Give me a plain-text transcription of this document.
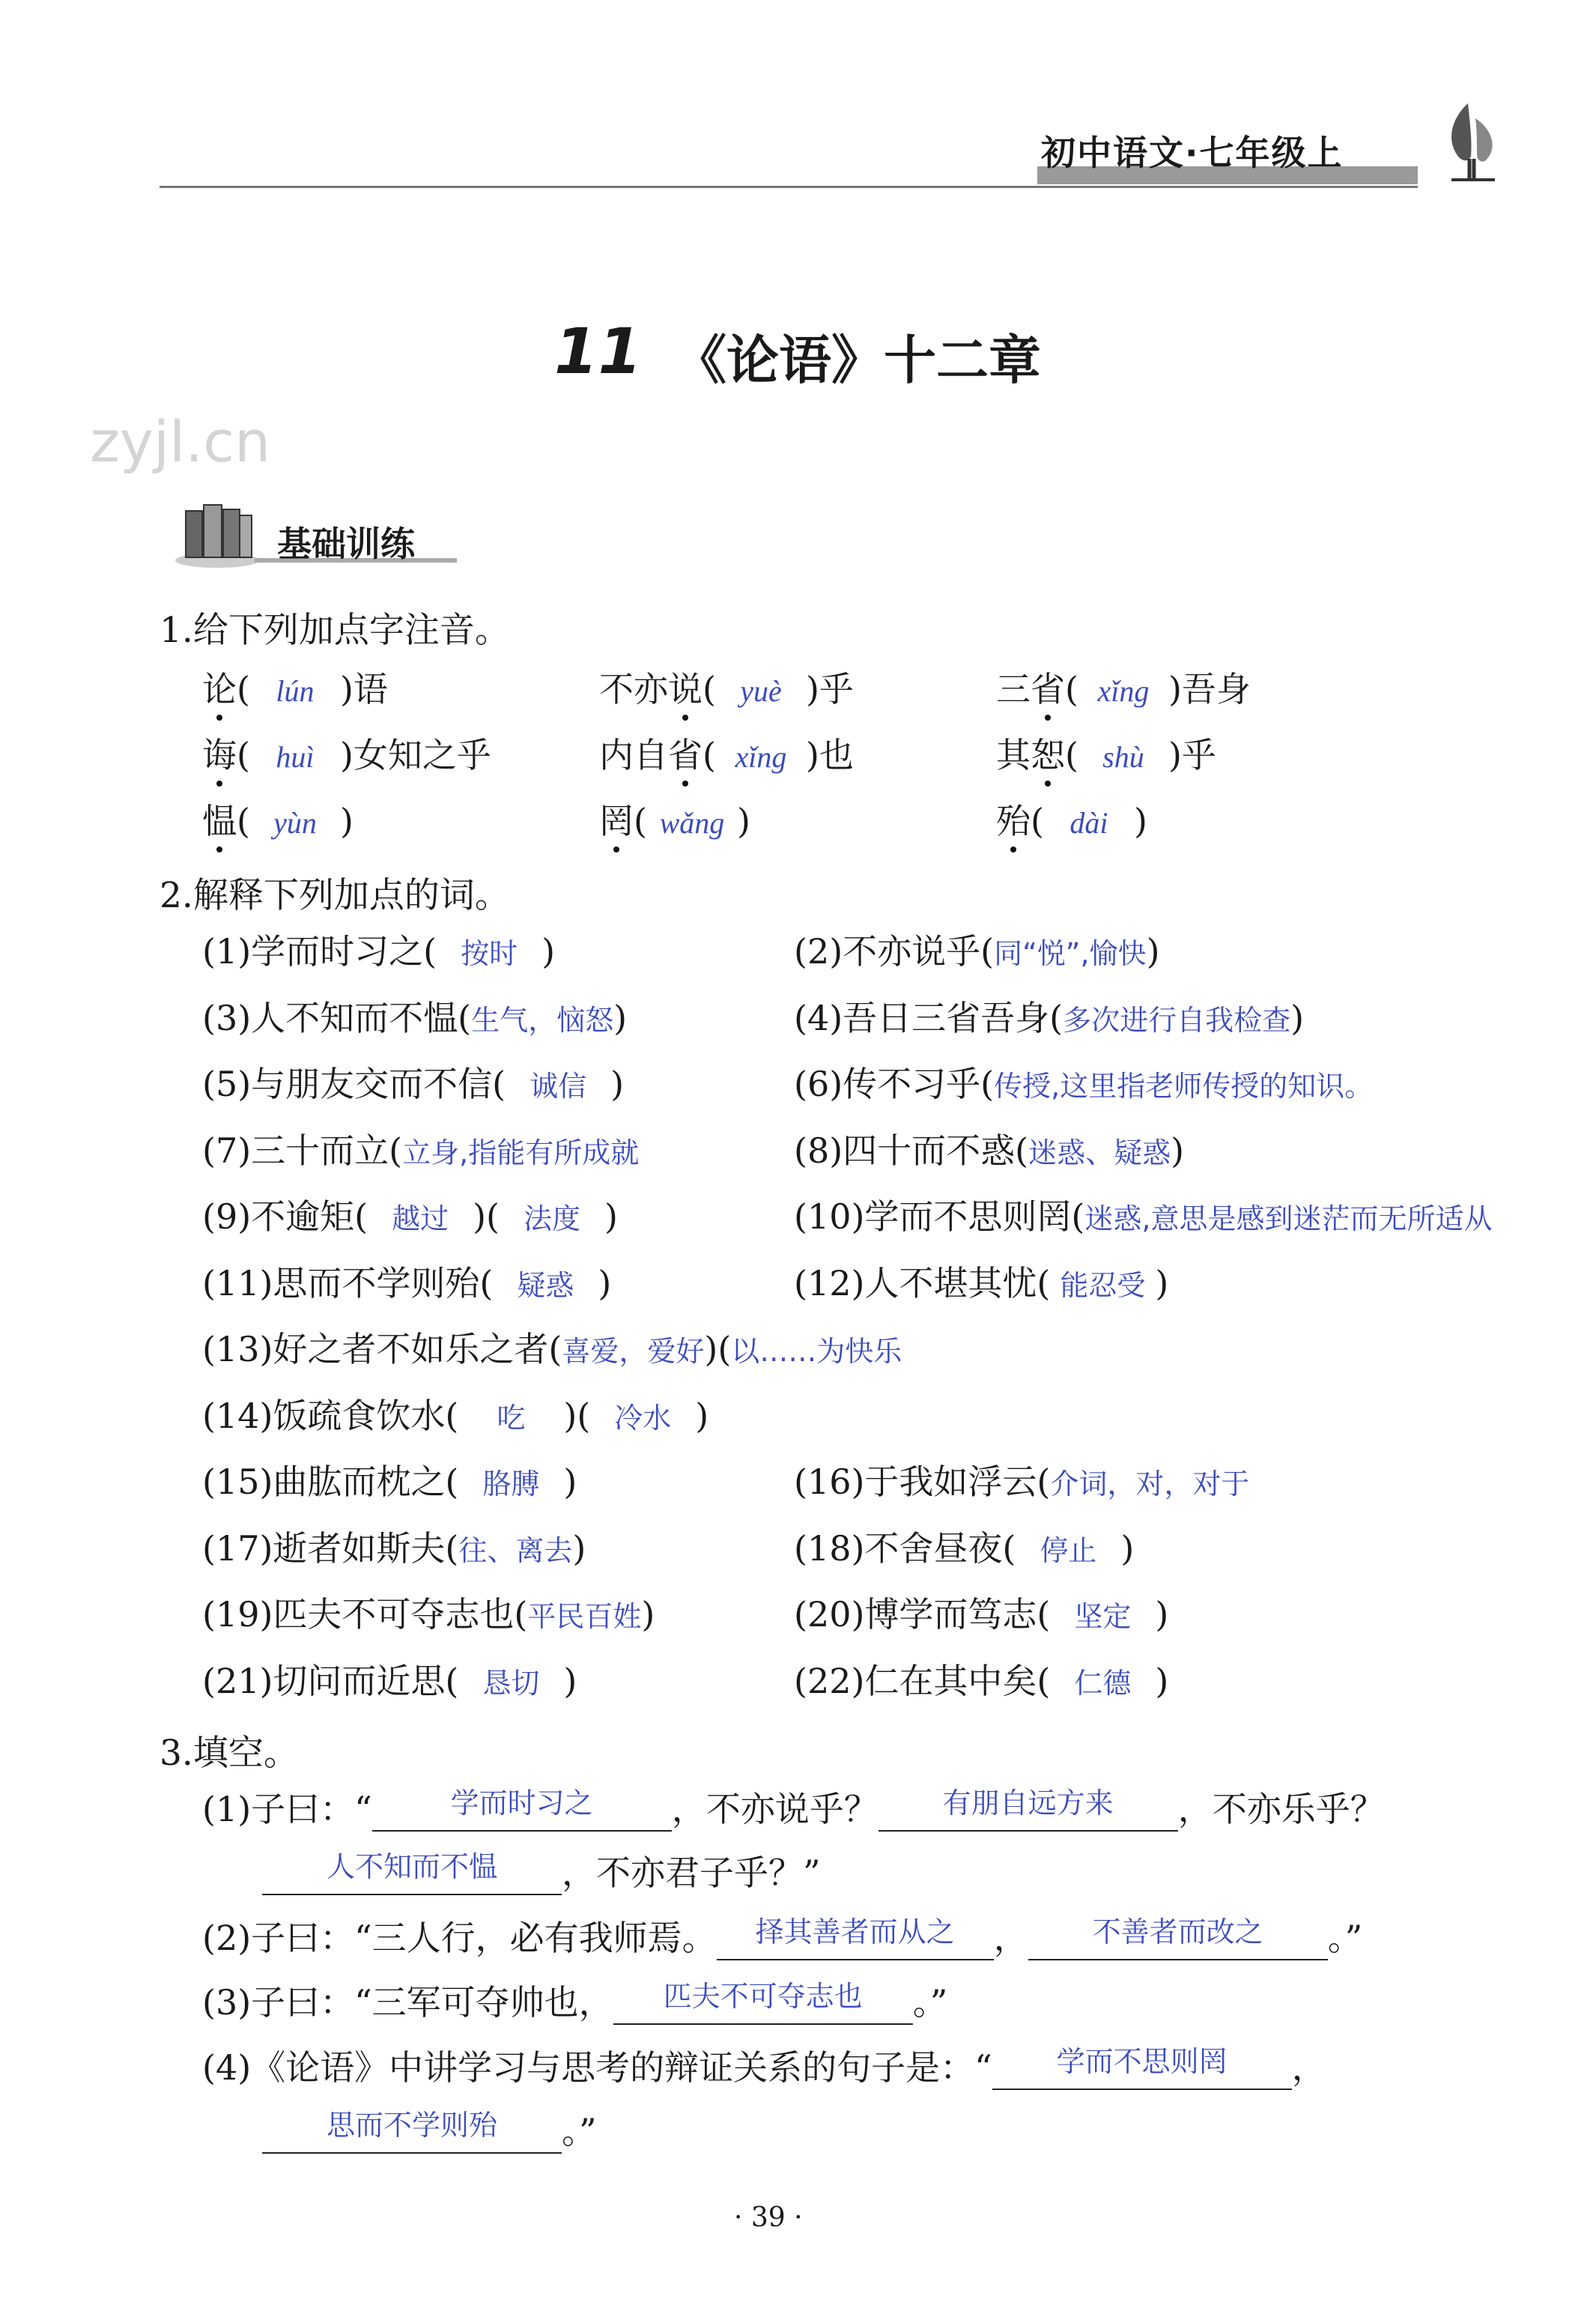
初中语文·七年级上
11 《论语》十二章
zyjl.cn
基础训练
1.给下列加点字注音。
论( lún )语	不亦说( yuè )乎	三省( xǐng )吾身
诲( huì )女知之乎	内自省( xǐng )也	其恕( shù )乎
愠( yùn )	罔( wǎng )	殆( dài )
2.解释下列加点的词。
(1)学而时习之( 按时 )	(2)不亦说乎(同“悦”,愉快)
(3)人不知而不愠(生气，恼怒)	(4)吾日三省吾身(多次进行自我检查)
(5)与朋友交而不信( 诚信 )	(6)传不习乎(传授,这里指老师传授的知识。
(7)三十而立(立身,指能有所成就	(8)四十而不惑(迷惑、疑惑)
(9)不逾矩( 越过 )( 法度 )	(10)学而不思则罔(迷惑,意思是感到迷茫而无所适从
(11)思而不学则殆( 疑惑 )	(12)人不堪其忧( 能忍受 )
(13)好之者不如乐之者(喜爱，爱好)(以……为快乐
(14)饭疏食饮水( 吃 )( 冷水 )
(15)曲肱而枕之( 胳膊 )	(16)于我如浮云(介词，对，对于
(17)逝者如斯夫(往、离去)	(18)不舍昼夜( 停止 )
(19)匹夫不可夺志也(平民百姓)	(20)博学而笃志( 坚定 )
(21)切问而近思( 恳切 )	(22)仁在其中矣( 仁德 )
3.填空。
(1)子曰：“	$^{学而时习之}$ ，不亦说乎？ $^{有朋自远方来}$ ，不亦乐乎？
$^{人不知而不愠}$ ，不亦君子乎？”
(2)子曰：“三人行，必有我师焉。 $^{择其善者而从之}$ ， $^{不善者而改之}$ 。”
(3)子曰：“三军可夺帅也， $^{匹夫不可夺志也}$ 。”
(4)《论语》中讲学习与思考的辩证关系的句子是：“ $^{学而不思则罔}$ ，
$^{思而不学则殆}$ 。”
· 39 ·
